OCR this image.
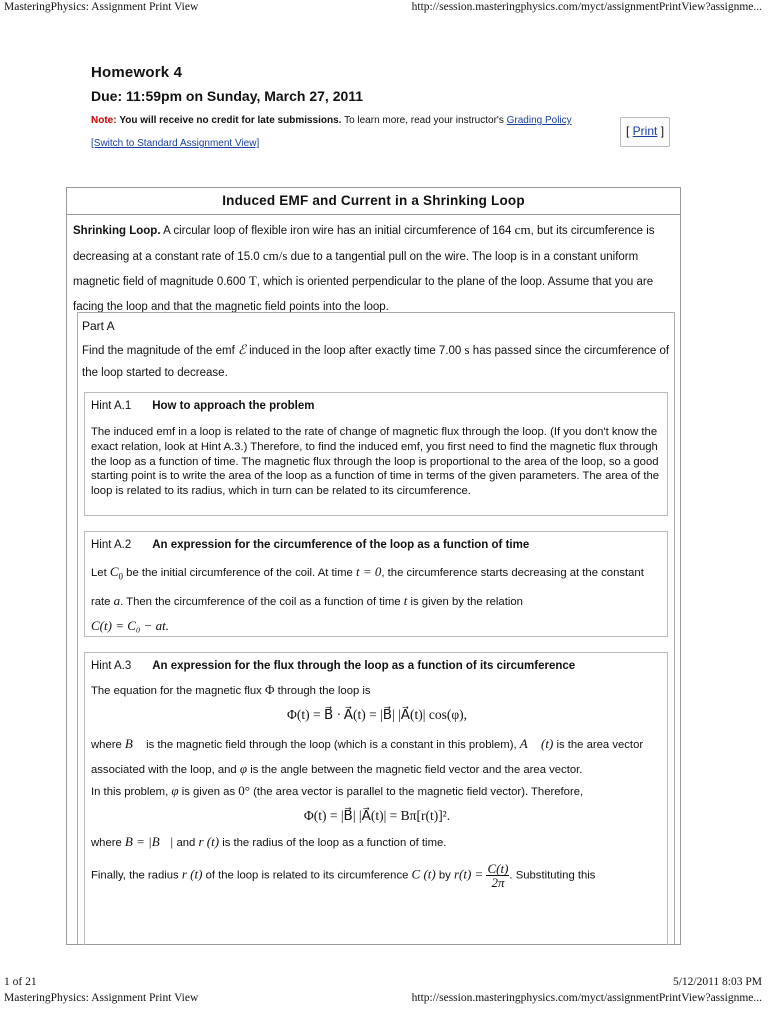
MasteringPhysics: Assignment Print View	http://session.masteringphysics.com/myct/assignmentPrintView?assignme...
Homework 4
Due: 11:59pm on Sunday, March 27, 2011
Note: You will receive no credit for late submissions. To learn more, read your instructor's Grading Policy
[Switch to Standard Assignment View]
[ Print ]
Induced EMF and Current in a Shrinking Loop
Shrinking Loop. A circular loop of flexible iron wire has an initial circumference of 164 cm, but its circumference is decreasing at a constant rate of 15.0 cm/s due to a tangential pull on the wire. The loop is in a constant uniform magnetic field of magnitude 0.600 T, which is oriented perpendicular to the plane of the loop. Assume that you are facing the loop and that the magnetic field points into the loop.
Part A
Find the magnitude of the emf ℰ induced in the loop after exactly time 7.00 s has passed since the circumference of the loop started to decrease.
Hint A.1 How to approach the problem
The induced emf in a loop is related to the rate of change of magnetic flux through the loop. (If you don't know the exact relation, look at Hint A.3.) Therefore, to find the induced emf, you first need to find the magnetic flux through the loop as a function of time. The magnetic flux through the loop is proportional to the area of the loop, so a good starting point is to write the area of the loop as a function of time in terms of the given parameters. The area of the loop is related to its radius, which in turn can be related to its circumference.
Hint A.2 An expression for the circumference of the loop as a function of time
Let $C_0$ be the initial circumference of the coil. At time t = 0, the circumference starts decreasing at the constant rate a. Then the circumference of the coil as a function of time t is given by the relation
C(t) = C₀ − at.
Hint A.3 An expression for the flux through the loop as a function of its circumference
The equation for the magnetic flux Φ through the loop is
Φ(t) = B⃗ · A⃗(t) = |B⃗| |A⃗(t)| cos(φ),
where B⃗ is the magnetic field through the loop (which is a constant in this problem), A⃗ (t) is the area vector associated with the loop, and φ is the angle between the magnetic field vector and the area vector.
In this problem, φ is given as 0° (the area vector is parallel to the magnetic field vector). Therefore,
Φ(t) = |B⃗| |A⃗(t)| = Bπ[r(t)]².
where B = |B⃗| and r (t) is the radius of the loop as a function of time.
Finally, the radius r (t) of the loop is related to its circumference C (t) by $r(t) = \frac{C(t)}{2\pi}$ . Substituting this
1 of 21	5/12/2011 8:03 PM
MasteringPhysics: Assignment Print View	http://session.masteringphysics.com/myct/assignmentPrintView?assignme...
